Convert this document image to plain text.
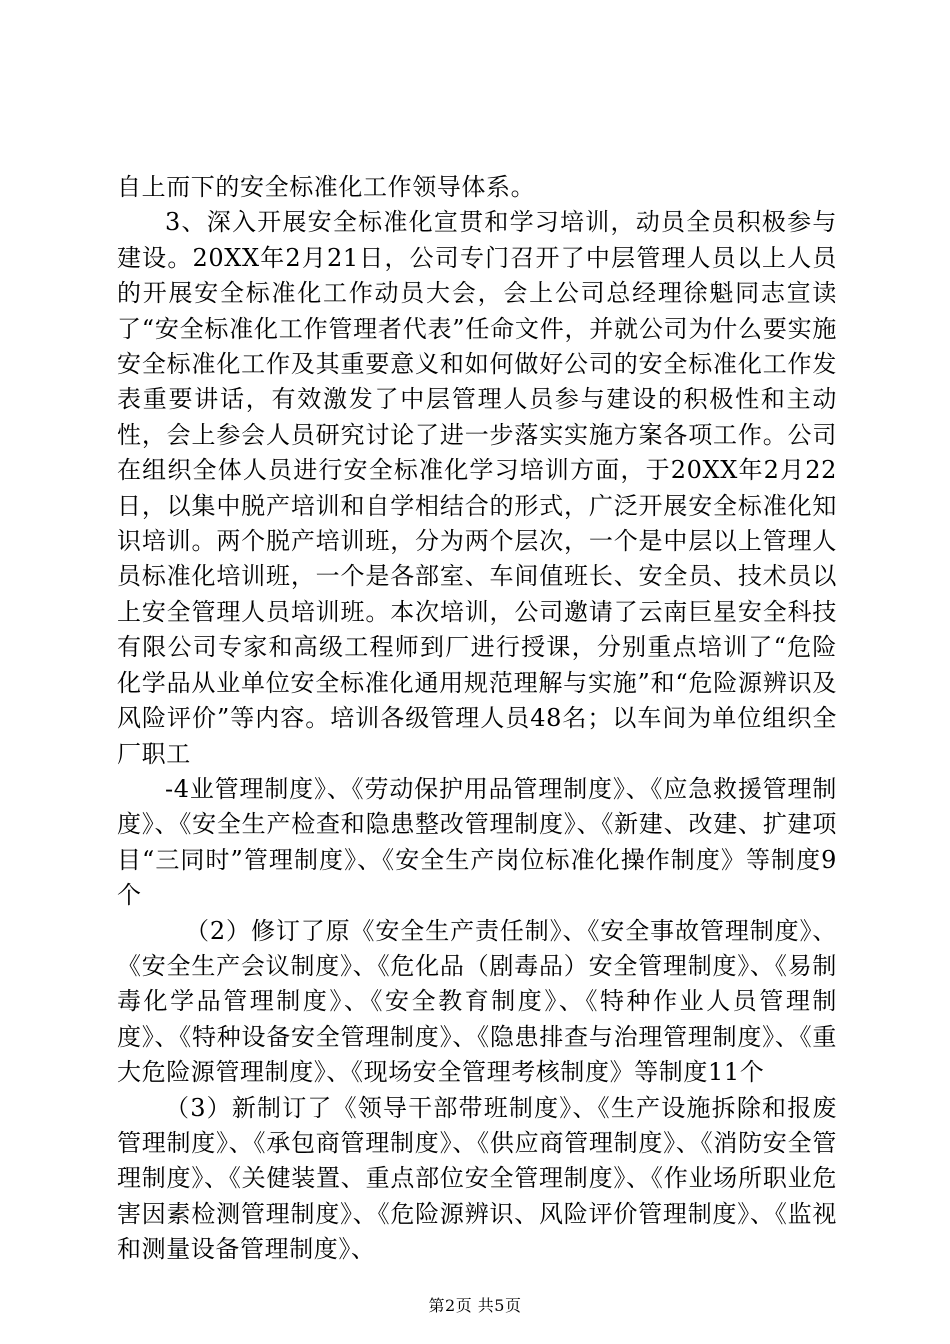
自上而下的安全标准化工作领导体系。

3、深入开展安全标准化宣贯和学习培训，动员全员积极参与建设。20XX年2月21日，公司专门召开了中层管理人员以上人员的开展安全标准化工作动员大会，会上公司总经理徐魁同志宣读了“安全标准化工作管理者代表”任命文件，并就公司为什么要实施安全标准化工作及其重要意义和如何做好公司的安全标准化工作发表重要讲话，有效激发了中层管理人员参与建设的积极性和主动性，会上参会人员研究讨论了进一步落实实施方案各项工作。公司在组织全体人员进行安全标准化学习培训方面，于20XX年2月22日，以集中脱产培训和自学相结合的形式，广泛开展安全标准化知识培训。两个脱产培训班，分为两个层次，一个是中层以上管理人员标准化培训班，一个是各部室、车间值班长、安全员、技术员以上安全管理人员培训班。本次培训，公司邀请了云南巨星安全科技有限公司专家和高级工程师到厂进行授课，分别重点培训了“危险化学品从业单位安全标准化通用规范理解与实施”和“危险源辨识及风险评价”等内容。培训各级管理人员48名；以车间为单位组织全厂职工

-4业管理制度》、《劳动保护用品管理制度》、《应急救援管理制度》、《安全生产检查和隐患整改管理制度》、《新建、改建、扩建项目“三同时”管理制度》、《安全生产岗位标准化操作制度》等制度9个

（2）修订了原《安全生产责任制》、《安全事故管理制度》、《安全生产会议制度》、《危化品（剧毒品）安全管理制度》、《易制毒化学品管理制度》、《安全教育制度》、《特种作业人员管理制度》、《特种设备安全管理制度》、《隐患排查与治理管理制度》、《重大危险源管理制度》、《现场安全管理考核制度》等制度11个

（3）新制订了《领导干部带班制度》、《生产设施拆除和报废管理制度》、《承包商管理制度》、《供应商管理制度》、《消防安全管理制度》、《关健装置、重点部位安全管理制度》、《作业场所职业危害因素检测管理制度》、《危险源辨识、风险评价管理制度》、《监视和测量设备管理制度》、

第2页 共5页
